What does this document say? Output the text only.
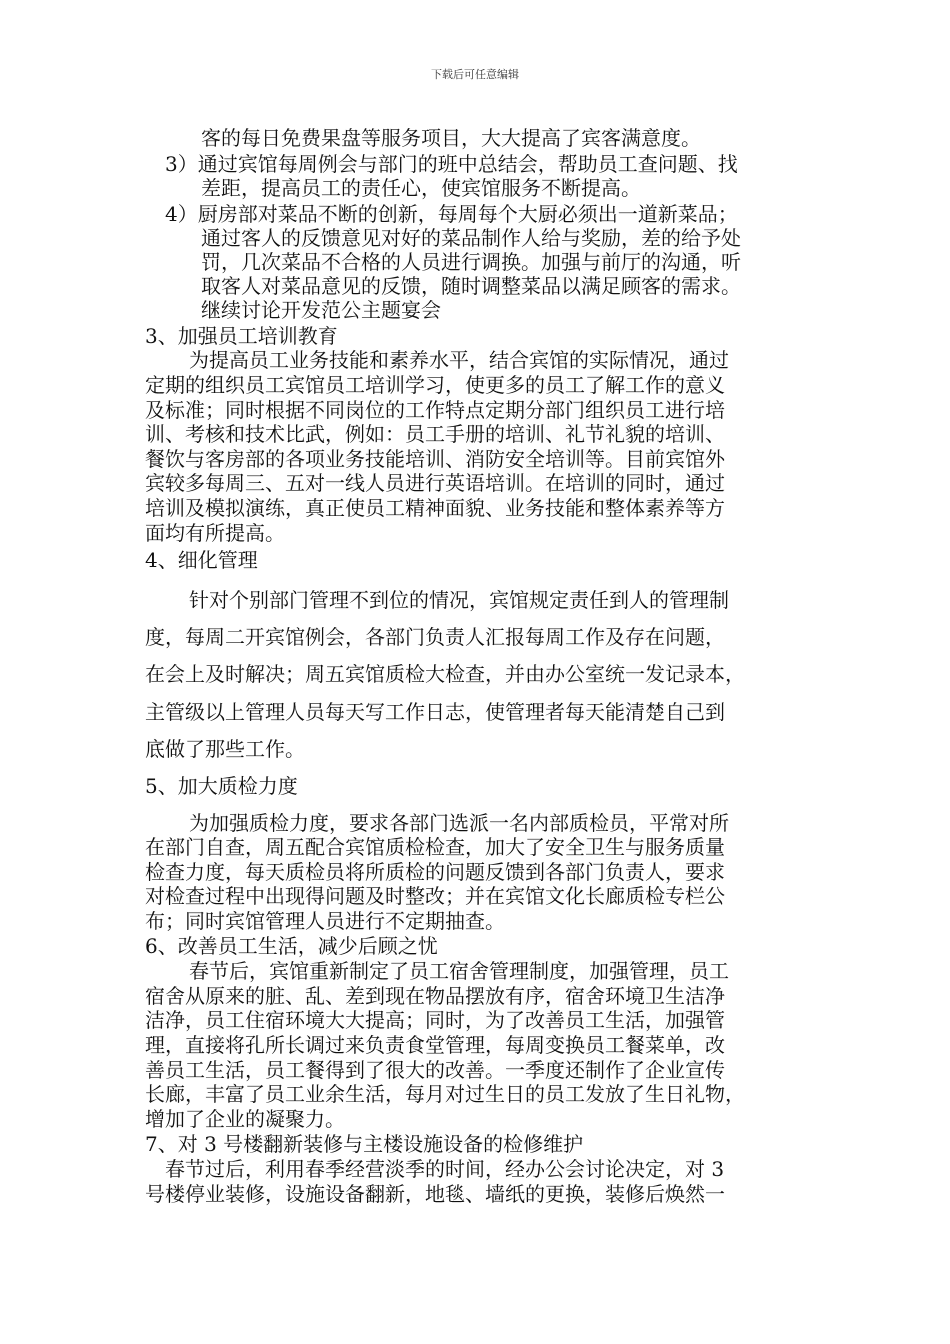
下载后可任意编辑
客的每日免费果盘等服务项目，大大提高了宾客满意度。
3）通过宾馆每周例会与部门的班中总结会，帮助员工查问题、找
差距，提高员工的责任心，使宾馆服务不断提高。
4）厨房部对菜品不断的创新，每周每个大厨必须出一道新菜品；
通过客人的反馈意见对好的菜品制作人给与奖励，差的给予处
罚，几次菜品不合格的人员进行调换。加强与前厅的沟通，听
取客人对菜品意见的反馈，随时调整菜品以满足顾客的需求。
继续讨论开发范公主题宴会
3、加强员工培训教育
为提高员工业务技能和素养水平，结合宾馆的实际情况，通过
定期的组织员工宾馆员工培训学习，使更多的员工了解工作的意义
及标准；同时根据不同岗位的工作特点定期分部门组织员工进行培
训、考核和技术比武，例如：员工手册的培训、礼节礼貌的培训、
餐饮与客房部的各项业务技能培训、消防安全培训等。目前宾馆外
宾较多每周三、五对一线人员进行英语培训。在培训的同时，通过
培训及模拟演练，真正使员工精神面貌、业务技能和整体素养等方
面均有所提高。
4、细化管理
针对个别部门管理不到位的情况，宾馆规定责任到人的管理制
度，每周二开宾馆例会，各部门负责人汇报每周工作及存在问题，
在会上及时解决；周五宾馆质检大检查，并由办公室统一发记录本，
主管级以上管理人员每天写工作日志，使管理者每天能清楚自己到
底做了那些工作。
5、加大质检力度
为加强质检力度，要求各部门选派一名内部质检员，平常对所
在部门自查，周五配合宾馆质检检查，加大了安全卫生与服务质量
检查力度，每天质检员将所质检的问题反馈到各部门负责人，要求
对检查过程中出现得问题及时整改；并在宾馆文化长廊质检专栏公
布；同时宾馆管理人员进行不定期抽查。
6、改善员工生活，减少后顾之忧
春节后，宾馆重新制定了员工宿舍管理制度，加强管理，员工
宿舍从原来的脏、乱、差到现在物品摆放有序，宿舍环境卫生洁净
洁净，员工住宿环境大大提高；同时，为了改善员工生活，加强管
理，直接将孔所长调过来负责食堂管理，每周变换员工餐菜单，改
善员工生活，员工餐得到了很大的改善。一季度还制作了企业宣传
长廊，丰富了员工业余生活，每月对过生日的员工发放了生日礼物，
增加了企业的凝聚力。
7、对 3 号楼翻新装修与主楼设施设备的检修维护
春节过后，利用春季经营淡季的时间，经办公会讨论决定，对 3
号楼停业装修，设施设备翻新，地毯、墙纸的更换，装修后焕然一
